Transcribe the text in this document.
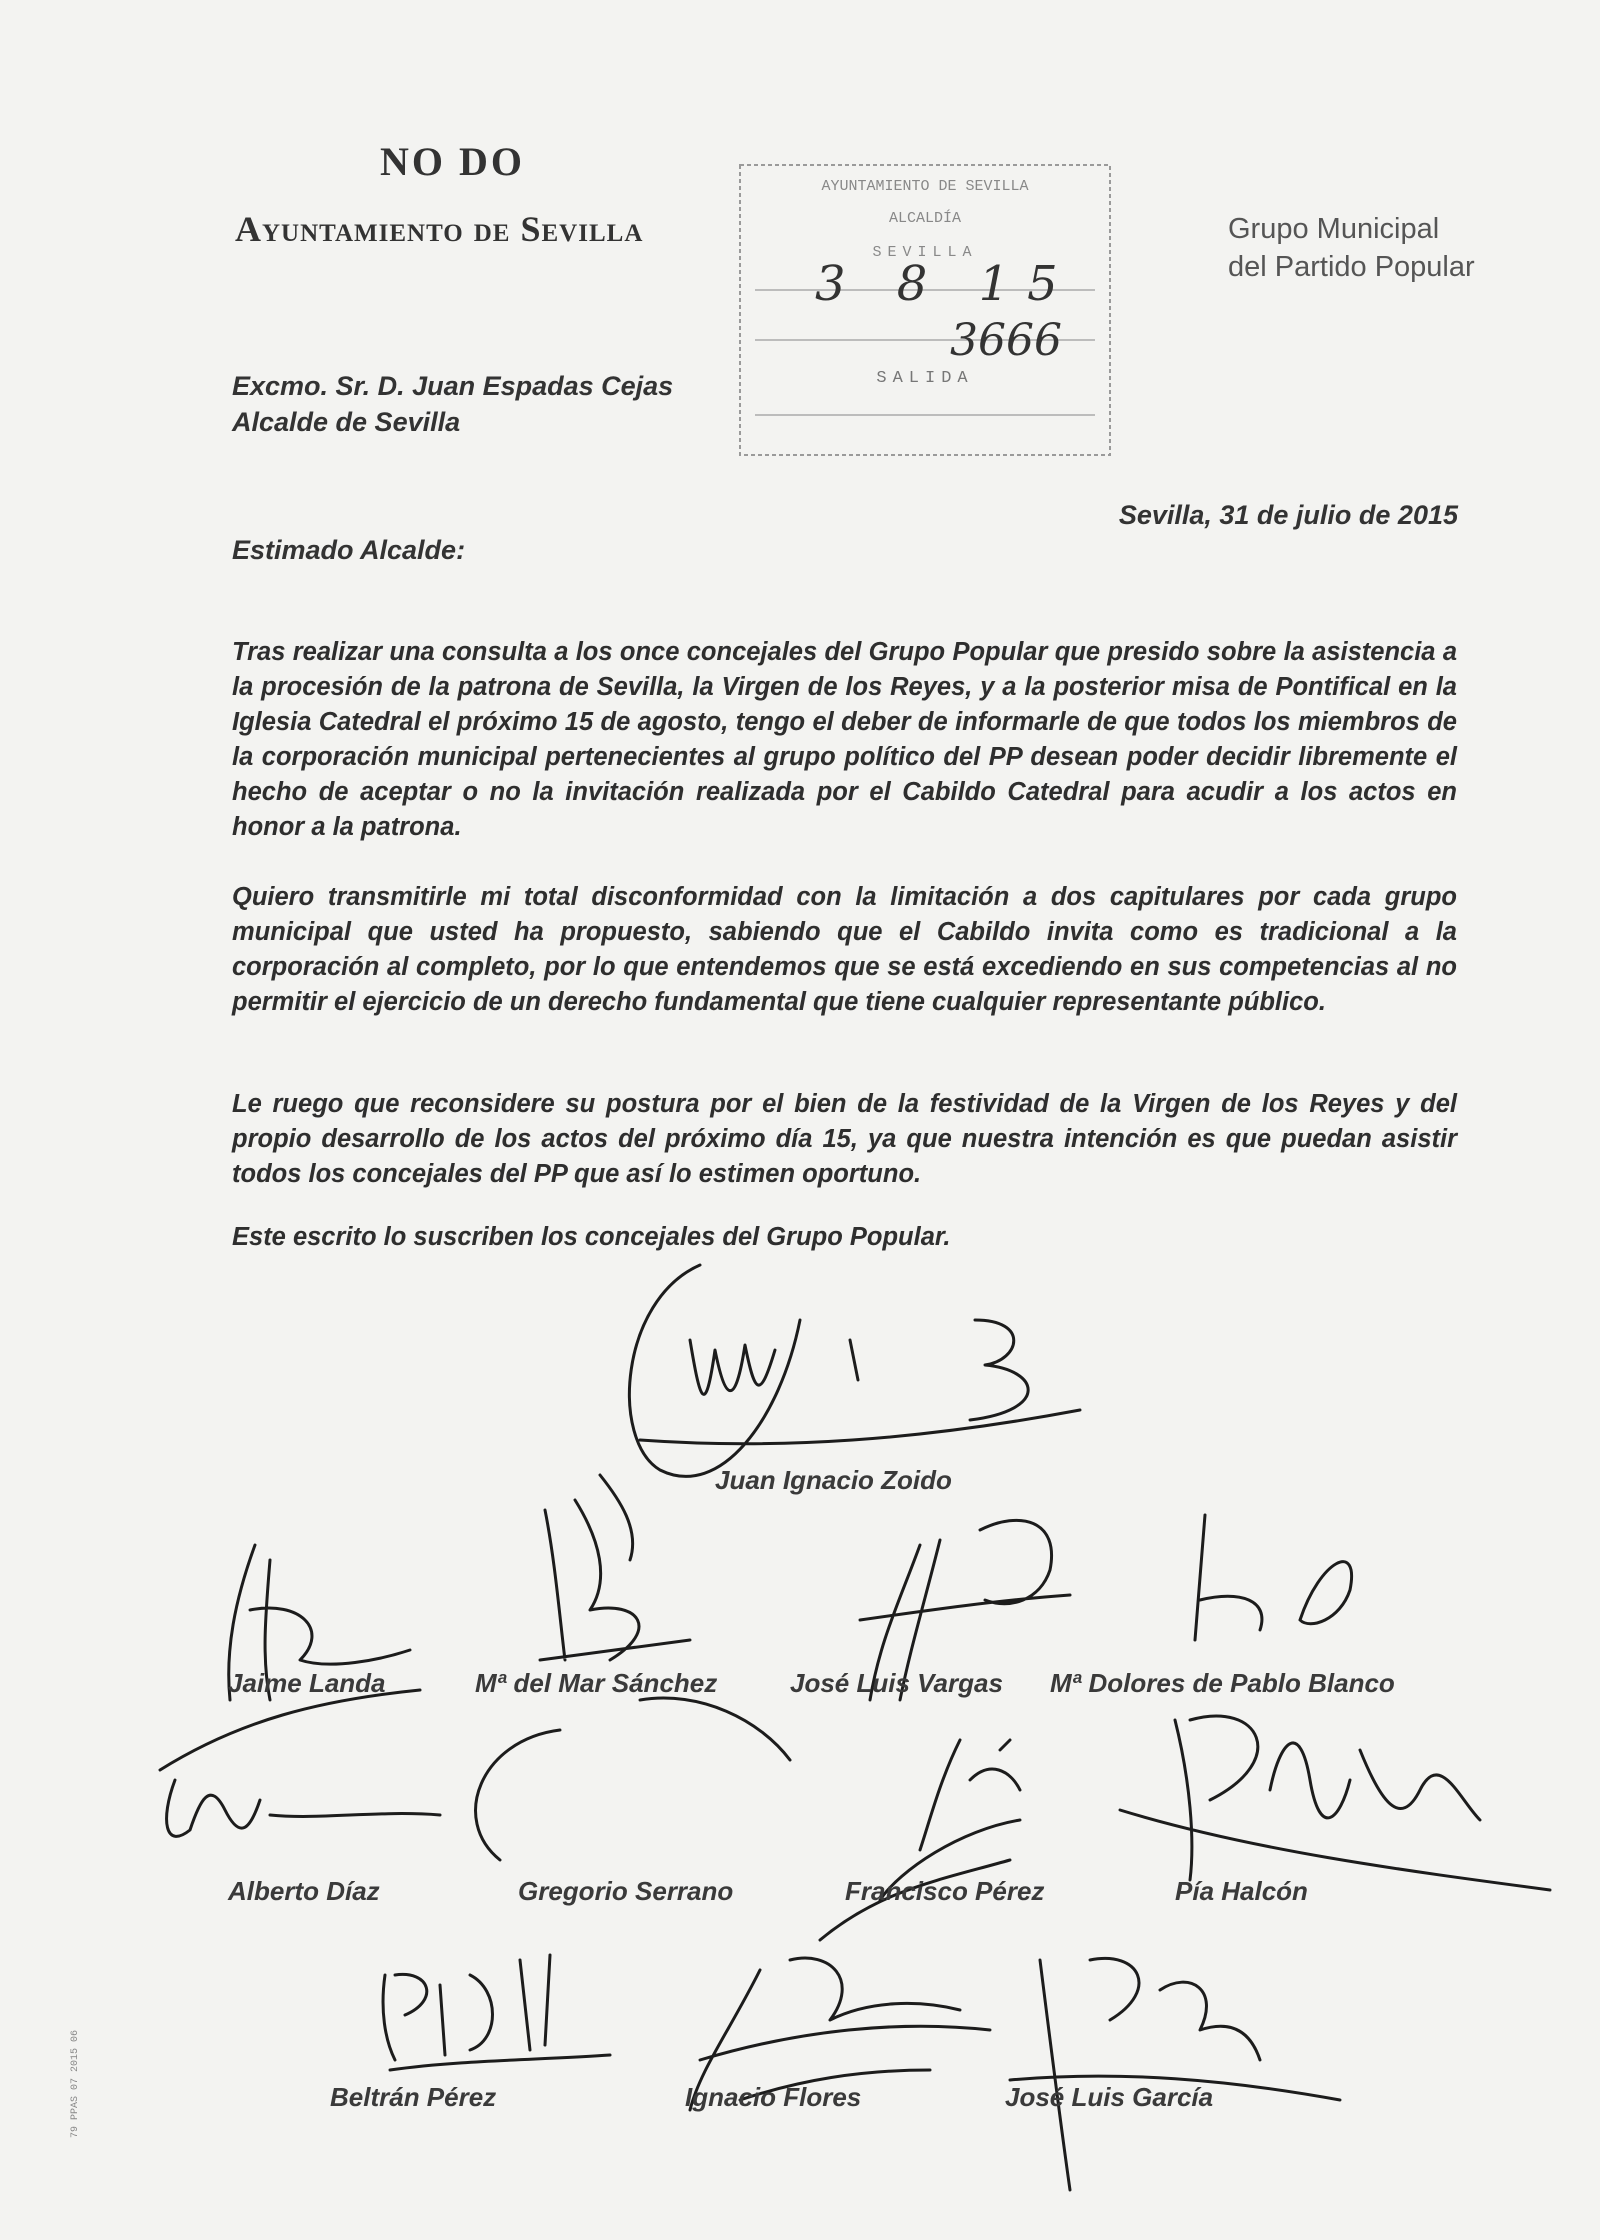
NO DO
Ayuntamiento de Sevilla	Grupo Municipal
del Partido Popular
AYUNTAMIENTO DE SEVILLA
ALCALDÍA
SEVILLA
3 8 15
3666
SALIDA
Excmo. Sr. D. Juan Espadas Cejas
Alcalde de Sevilla
Sevilla, 31 de julio de 2015
Estimado Alcalde:
Tras realizar una consulta a los once concejales del Grupo Popular que presido sobre la asistencia a la procesión de la patrona de Sevilla, la Virgen de los Reyes, y a la posterior misa de Pontifical en la Iglesia Catedral el próximo 15 de agosto, tengo el deber de informarle de que todos los miembros de la corporación municipal pertenecientes al grupo político del PP desean poder decidir libremente el hecho de aceptar o no la invitación realizada por el Cabildo Catedral para acudir a los actos en honor a la patrona.
Quiero transmitirle mi total disconformidad con la limitación a dos capitulares por cada grupo municipal que usted ha propuesto, sabiendo que el Cabildo invita como es tradicional a la corporación al completo, por lo que entendemos que se está excediendo en sus competencias al no permitir el ejercicio de un derecho fundamental que tiene cualquier representante público.
Le ruego que reconsidere su postura por el bien de la festividad de la Virgen de los Reyes y del propio desarrollo de los actos del próximo día 15, ya que nuestra intención es que puedan asistir todos los concejales del PP que así lo estimen oportuno.
Este escrito lo suscriben los concejales del Grupo Popular.
Juan Ignacio Zoido
Jaime Landa	Mª del Mar Sánchez	José Luis Vargas Mª Dolores de Pablo Blanco
Alberto Díaz	Gregorio Serrano	Francisco Pérez	Pía Halcón
Beltrán Pérez	Ignacio Flores	José Luis García
79 PPAS 07 2015 06
